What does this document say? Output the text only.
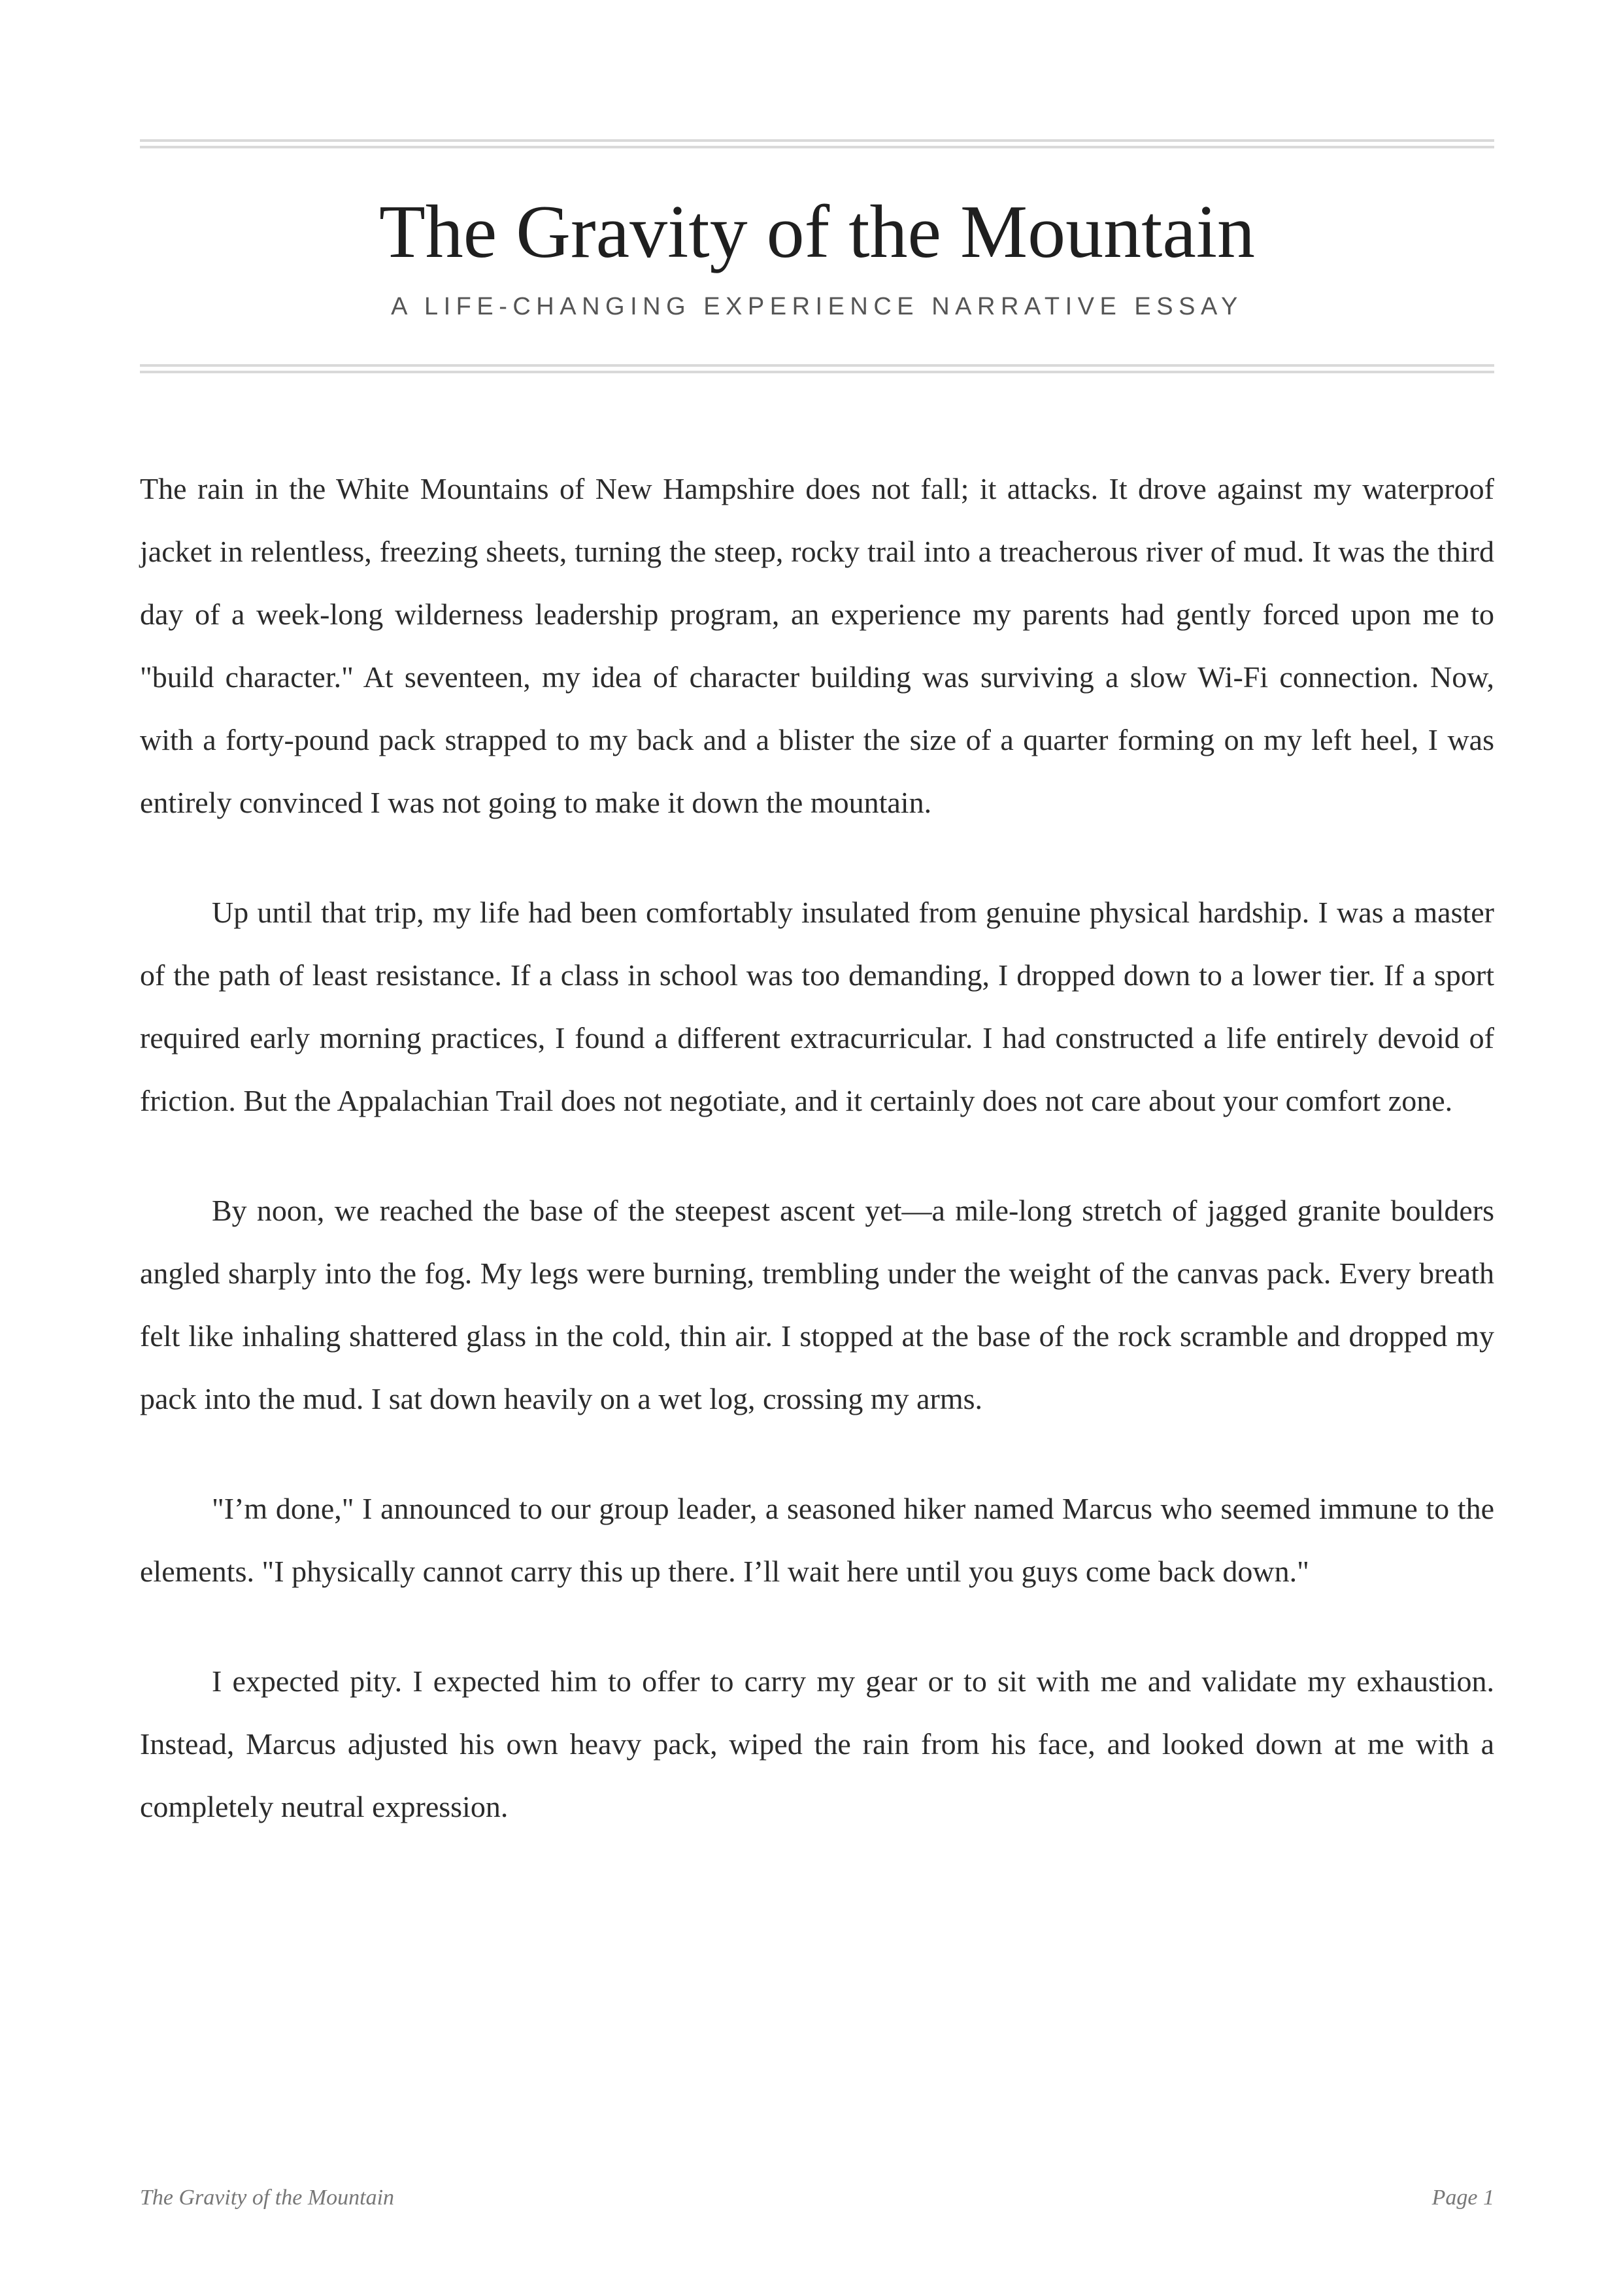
The Gravity of the Mountain

A LIFE-CHANGING EXPERIENCE NARRATIVE ESSAY

The rain in the White Mountains of New Hampshire does not fall; it attacks. It drove against my waterproof jacket in relentless, freezing sheets, turning the steep, rocky trail into a treacherous river of mud. It was the third day of a week-long wilderness leadership program, an experience my parents had gently forced upon me to "build character." At seventeen, my idea of character building was surviving a slow Wi-Fi connection. Now, with a forty-pound pack strapped to my back and a blister the size of a quarter forming on my left heel, I was entirely convinced I was not going to make it down the mountain.

Up until that trip, my life had been comfortably insulated from genuine physical hardship. I was a master of the path of least resistance. If a class in school was too demanding, I dropped down to a lower tier. If a sport required early morning practices, I found a different extracurricular. I had constructed a life entirely devoid of friction. But the Appalachian Trail does not negotiate, and it certainly does not care about your comfort zone.

By noon, we reached the base of the steepest ascent yet—a mile-long stretch of jagged granite boulders angled sharply into the fog. My legs were burning, trembling under the weight of the canvas pack. Every breath felt like inhaling shattered glass in the cold, thin air. I stopped at the base of the rock scramble and dropped my pack into the mud. I sat down heavily on a wet log, crossing my arms.

"I’m done," I announced to our group leader, a seasoned hiker named Marcus who seemed immune to the elements. "I physically cannot carry this up there. I’ll wait here until you guys come back down."

I expected pity. I expected him to offer to carry my gear or to sit with me and validate my exhaustion. Instead, Marcus adjusted his own heavy pack, wiped the rain from his face, and looked down at me with a completely neutral expression.

The Gravity of the Mountain	Page 1
